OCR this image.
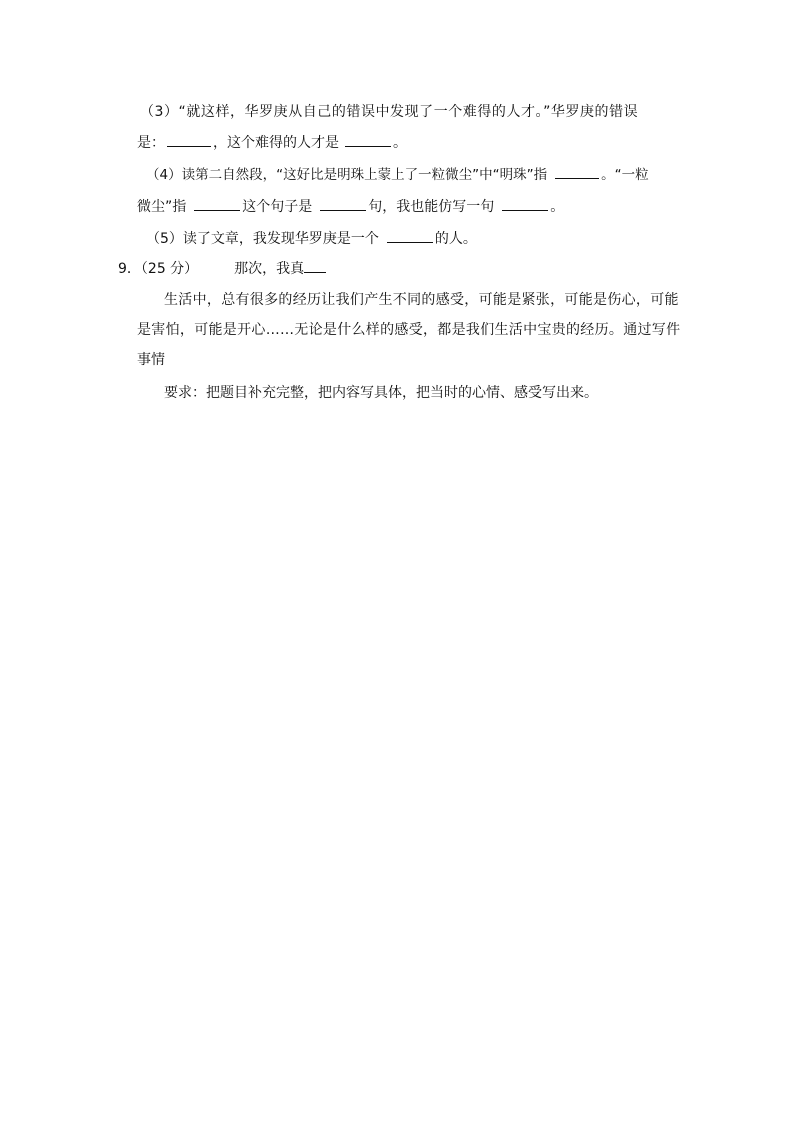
（3）“就这样，华罗庚从自己的错误中发现了一个难得的人才。”华罗庚的错误
是：	，这个难得的人才是	。
（4）读第二自然段，“这好比是明珠上蒙上了一粒微尘”中“明珠”指	。“一粒
微尘”指	这个句子是	句，我也能仿写一句	。
（5）读了文章，我发现华罗庚是一个	的人。
9．（25 分）	那次，我真
生活中，总有很多的经历让我们产生不同的感受，可能是紧张，可能是伤心，可能
是害怕，可能是开心……无论是什么样的感受，都是我们生活中宝贵的经历。通过写件
事情
要求：把题目补充完整，把内容写具体，把当时的心情、感受写出来。
